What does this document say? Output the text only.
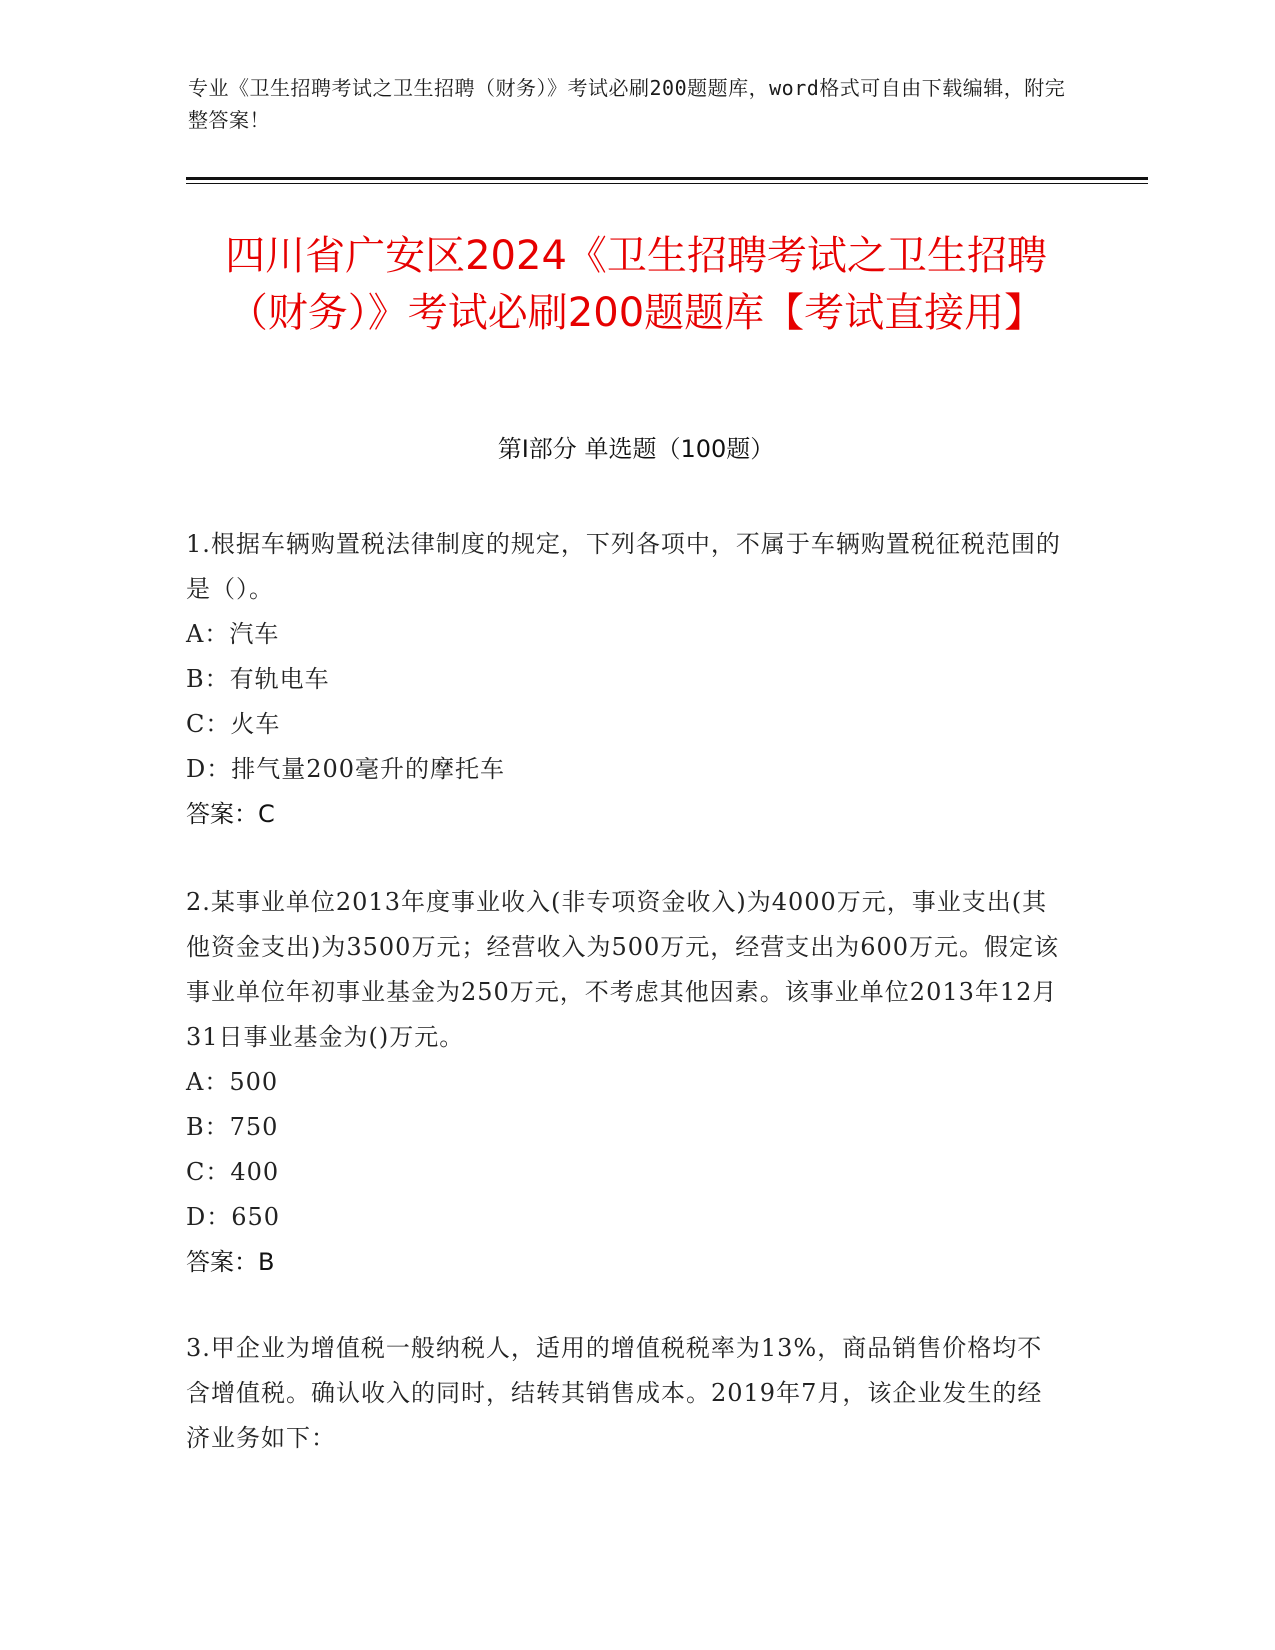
专业《卫生招聘考试之卫生招聘（财务）》考试必刷200题题库，word格式可自由下载编辑，附完整答案！
四川省广安区2024《卫生招聘考试之卫生招聘（财务）》考试必刷200题题库【考试直接用】
第Ⅰ部分 单选题（100题）
1.根据车辆购置税法律制度的规定，下列各项中，不属于车辆购置税征税范围的是（）。
A：汽车
B：有轨电车
C：火车
D：排气量200毫升的摩托车
答案：C
2.某事业单位2013年度事业收入(非专项资金收入)为4000万元，事业支出(其他资金支出)为3500万元；经营收入为500万元，经营支出为600万元。假定该事业单位年初事业基金为250万元，不考虑其他因素。该事业单位2013年12月31日事业基金为()万元。
A：500
B：750
C：400
D：650
答案：B
3.甲企业为增值税一般纳税人，适用的增值税税率为13%，商品销售价格均不含增值税。确认收入的同时，结转其销售成本。2019年7月，该企业发生的经济业务如下：
